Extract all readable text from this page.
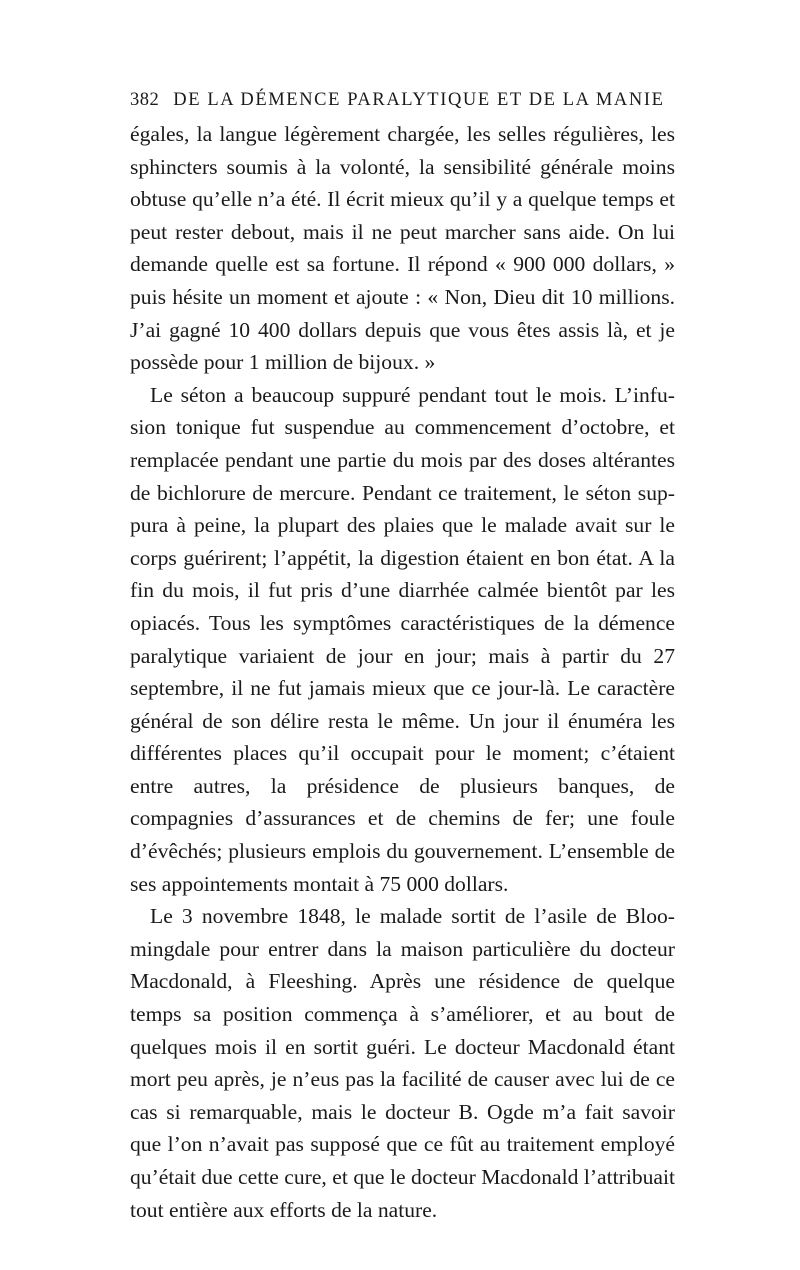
382 DE LA DÉMENCE PARALYTIQUE ET DE LA MANIE

égales, la langue légèrement chargée, les selles régulières, les sphincters soumis à la volonté, la sensibilité générale moins obtuse qu’elle n’a été. Il écrit mieux qu’il y a quelque temps et peut rester debout, mais il ne peut marcher sans aide. On lui demande quelle est sa fortune. Il répond « 900 000 dollars, » puis hésite un moment et ajoute : « Non, Dieu dit 10 millions. J’ai gagné 10 400 dollars depuis que vous êtes assis là, et je possède pour 1 million de bijoux. »

Le séton a beaucoup suppuré pendant tout le mois. L’infusion tonique fut suspendue au commencement d’octobre, et remplacée pendant une partie du mois par des doses altérantes de bichlorure de mercure. Pendant ce traitement, le séton suppura à peine, la plupart des plaies que le malade avait sur le corps guérirent; l’appétit, la digestion étaient en bon état. A la fin du mois, il fut pris d’une diarrhée calmée bientôt par les opiacés. Tous les symptômes caractéristiques de la démence paralytique variaient de jour en jour; mais à partir du 27 septembre, il ne fut jamais mieux que ce jour-là. Le caractère général de son délire resta le même. Un jour il énuméra les différentes places qu’il occupait pour le moment; c’étaient entre autres, la présidence de plusieurs banques, de compagnies d’assurances et de chemins de fer; une foule d’évêchés; plusieurs emplois du gouvernement. L’ensemble de ses appointements montait à 75 000 dollars.

Le 3 novembre 1848, le malade sortit de l’asile de Bloomingdale pour entrer dans la maison particulière du docteur Macdonald, à Fleeshing. Après une résidence de quelque temps sa position commença à s’améliorer, et au bout de quelques mois il en sortit guéri. Le docteur Macdonald étant mort peu après, je n’eus pas la facilité de causer avec lui de ce cas si remarquable, mais le docteur B. Ogde m’a fait savoir que l’on n’avait pas supposé que ce fût au traitement employé qu’était due cette cure, et que le docteur Macdonald l’attribuait tout entière aux efforts de la nature.
